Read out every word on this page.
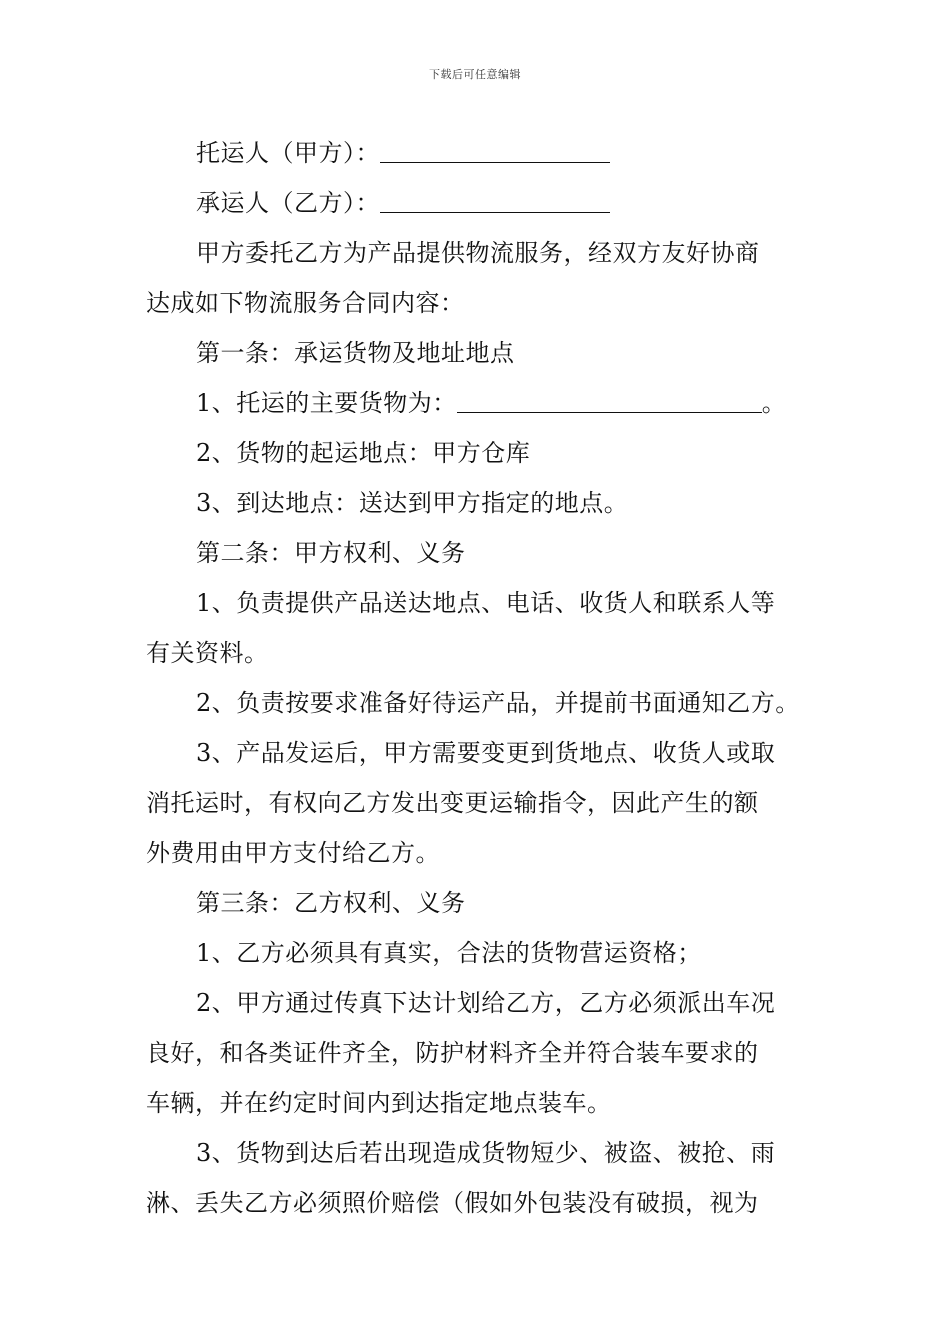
下载后可任意编辑
托运人（甲方）：
承运人（乙方）：
甲方委托乙方为产品提供物流服务，经双方友好协商
达成如下物流服务合同内容：
第一条：承运货物及地址地点
1、托运的主要货物为：	。
2、货物的起运地点：甲方仓库
3、到达地点：送达到甲方指定的地点。
第二条：甲方权利、义务
1、负责提供产品送达地点、电话、收货人和联系人等
有关资料。
2、负责按要求准备好待运产品，并提前书面通知乙方。
3、产品发运后，甲方需要变更到货地点、收货人或取
消托运时，有权向乙方发出变更运输指令，因此产生的额
外费用由甲方支付给乙方。
第三条：乙方权利、义务
1、乙方必须具有真实，合法的货物营运资格；
2、甲方通过传真下达计划给乙方，乙方必须派出车况
良好，和各类证件齐全，防护材料齐全并符合装车要求的
车辆，并在约定时间内到达指定地点装车。
3、货物到达后若出现造成货物短少、被盗、被抢、雨
淋、丢失乙方必须照价赔偿（假如外包装没有破损，视为
